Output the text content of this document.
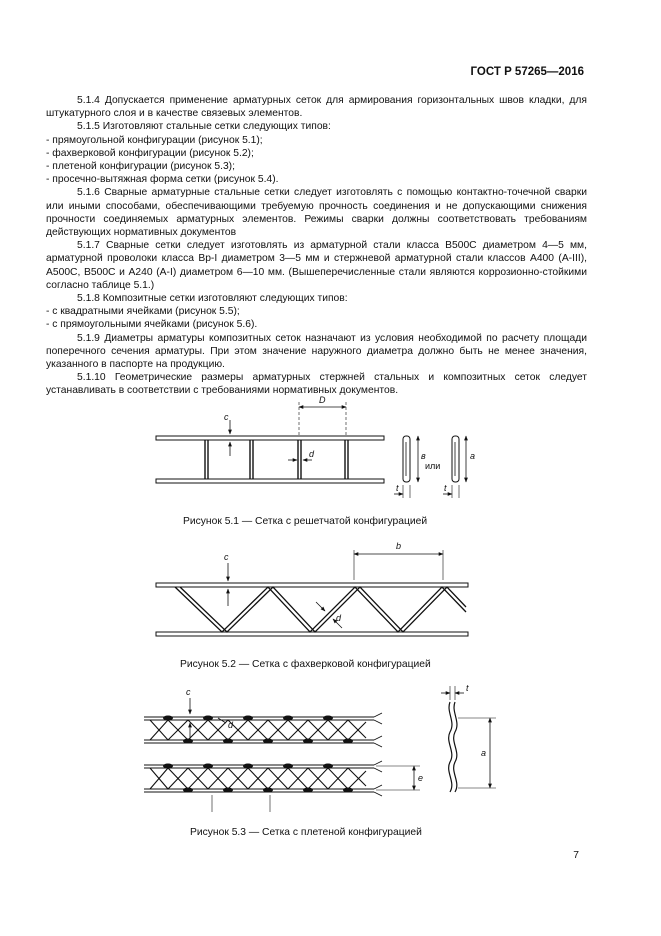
ГОСТ Р 57265—2016

5.1.4 Допускается применение арматурных сеток для армирования горизонтальных швов кладки, для штукатурного слоя и в качестве связевых элементов.

5.1.5 Изготовляют стальные сетки следующих типов:

- прямоугольной конфигурации (рисунок 5.1);

- фахверковой конфигурации (рисунок 5.2);

- плетеной конфигурации (рисунок 5.3);

- просечно-вытяжная форма сетки (рисунок 5.4).

5.1.6 Сварные арматурные стальные сетки следует изготовлять с помощью контактно-точечной сварки или иными способами, обеспечивающими требуемую прочность соединения и не допускающими снижения прочности соединяемых арматурных элементов. Режимы сварки должны соответствовать требованиям действующих нормативных документов

5.1.7 Сварные сетки следует изготовлять из арматурной стали класса В500С диаметром 4—5 мм, арматурной проволоки класса Вр-I диаметром 3—5 мм и стержневой арматурной стали классов А400 (А-III), А500С, В500С и А240 (А-I) диаметром 6—10 мм. (Вышеперечисленные стали являются коррозионно-стойкими согласно таблице 5.1.)

5.1.8 Композитные сетки изготовляют следующих типов:

- с квадратными ячейками (рисунок 5.5);

- с прямоугольными ячейками (рисунок 5.6).

5.1.9 Диаметры арматуры композитных сеток назначают из условия необходимой по расчету площади поперечного сечения арматуры. При этом значение наружного диаметра должно быть не менее значения, указанного в паспорте на продукцию.

5.1.10 Геометрические размеры арматурных стержней стальных и композитных сеток следует устанавливать в соответствии с требованиями нормативных документов.

c
D
d	в
или
a
t	t
c
b
d
c
d
e
t
a
Рисунок 5.1 — Сетка с решетчатой конфигурацией
Рисунок 5.2 — Сетка с фахверковой конфигурацией
Рисунок 5.3 — Сетка с плетеной конфигурацией
7
